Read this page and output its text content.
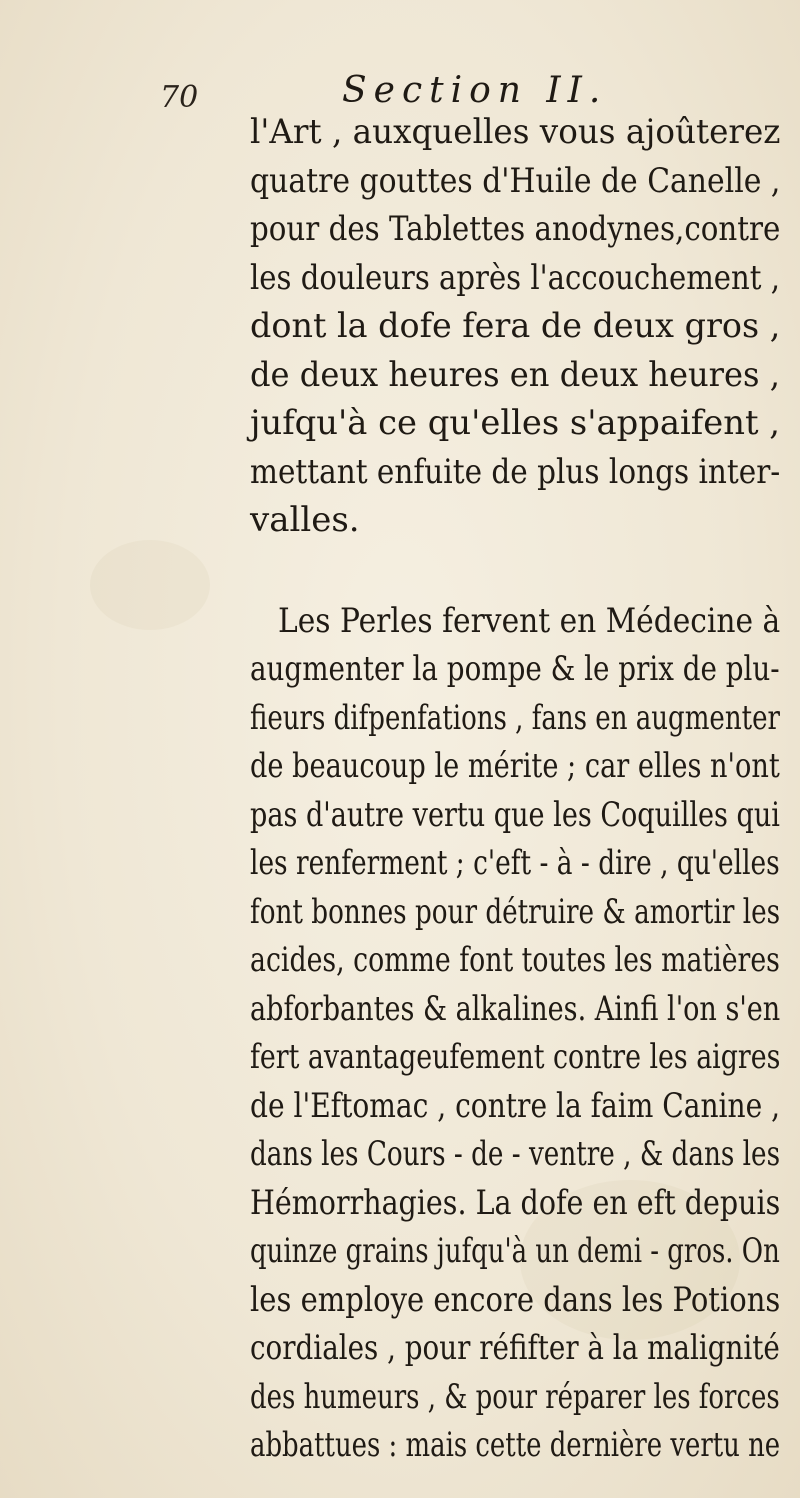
70	Section II.
l'Art , auxquelles vous ajoûterez
quatre gouttes d'Huile de Canelle ,
pour des Tablettes anodynes,contre
les douleurs après l'accouchement ,
dont la dofe fera de deux gros ,
de deux heures en deux heures ,
jufqu'à ce qu'elles s'appaifent ,
mettant enfuite de plus longs inter-
valles.
Les Perles fervent en Médecine à
augmenter la pompe & le prix de plu-
fieurs difpenfations , fans en augmenter
de beaucoup le mérite ; car elles n'ont
pas d'autre vertu que les Coquilles qui
les renferment ; c'eft - à - dire , qu'elles
font bonnes pour détruire & amortir les
acides, comme font toutes les matières
abforbantes & alkalines. Ainfi l'on s'en
fert avantageufement contre les aigres
de l'Eftomac , contre la faim Canine ,
dans les Cours - de - ventre , & dans les
Hémorrhagies. La dofe en eft depuis
quinze grains jufqu'à un demi - gros. On
les employe encore dans les Potions
cordiales , pour réfifter à la malignité
des humeurs , & pour réparer les forces
abbattues : mais cette dernière vertu ne
